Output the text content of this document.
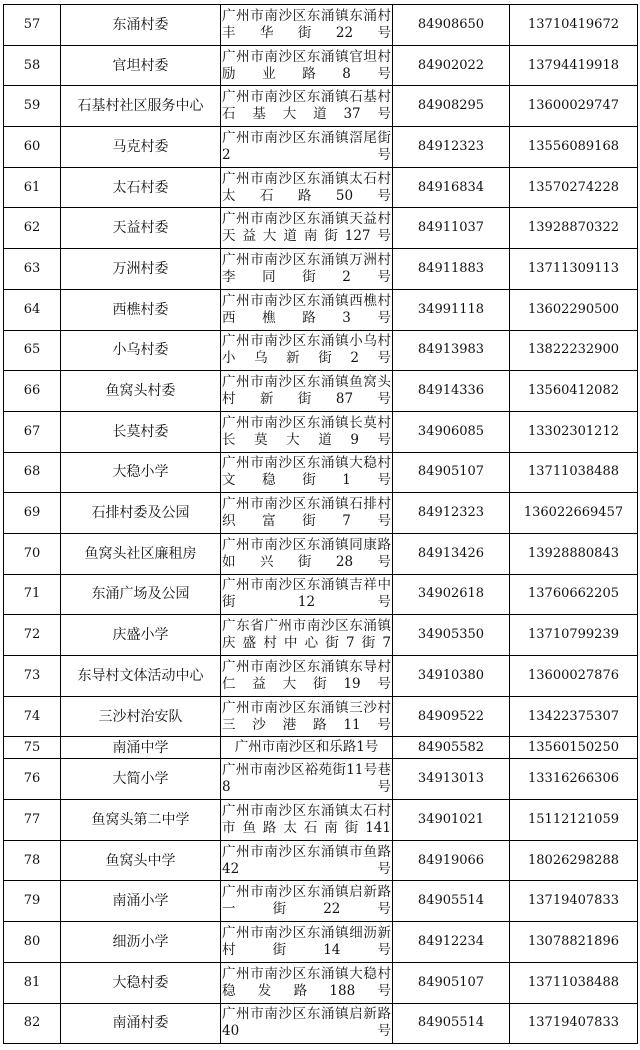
57	东涌村委	广州市南沙区东涌镇东涌村丰华街22号	84908650	13710419672
58	官坦村委	广州市南沙区东涌镇官坦村励业路8号	84902022	13794419918
59	石基村社区服务中心	广州市南沙区东涌镇石基村石基大道37号	84908295	13600029747
60	马克村委	广州市南沙区东涌镇滘尾街2号	84912323	13556089168
61	太石村委	广州市南沙区东涌镇太石村太石路50号	84916834	13570274228
62	天益村委	广州市南沙区东涌镇天益村天益大道南街127号	84911037	13928870322
63	万洲村委	广州市南沙区东涌镇万洲村李同街2号	84911883	13711309113
64	西樵村委	广州市南沙区东涌镇西樵村西樵路3号	34991118	13602290500
65	小乌村委	广州市南沙区东涌镇小乌村小乌新街2号	84913983	13822232900
66	鱼窝头村委	广州市南沙区东涌镇鱼窝头村新街87号	84914336	13560412082
67	长莫村委	广州市南沙区东涌镇长莫村长莫大道9号	34906085	13302301212
68	大稳小学	广州市南沙区东涌镇大稳村文稳街1号	84905107	13711038488
69	石排村委及公园	广州市南沙区东涌镇石排村织富街7号	84912323	136022669457
70	鱼窝头社区廉租房	广州市南沙区东涌镇同康路如兴街28号	84913426	13928880843
71	东涌广场及公园	广州市南沙区东涌镇吉祥中街12号	34902618	13760662205
72	庆盛小学	广东省广州市南沙区东涌镇庆盛村中心街7街7	34905350	13710799239
73	东导村文体活动中心	广州市南沙区东涌镇东导村仁益大街19号	34910380	13600027876
74	三沙村治安队	广州市南沙区东涌镇三沙村三沙港路11号	84909522	13422375307
75	南涌中学	广州市南沙区和乐路1号	84905582	13560150250
76	大简小学	广州市南沙区裕苑街11号巷8号	34913013	13316266306
77	鱼窝头第二中学	广州市南沙区东涌镇太石村市鱼路太石南街141	34901021	15112121059
78	鱼窝头中学	广州市南沙区东涌镇市鱼路42号	84919066	18026298288
79	南涌小学	广州市南沙区东涌镇启新路一街22号	84905514	13719407833
80	细沥小学	广州市南沙区东涌镇细沥新村街14号	84912234	13078821896
81	大稳村委	广州市南沙区东涌镇大稳村稳发路188号	84905107	13711038488
82	南涌村委	广州市南沙区东涌镇启新路40号	84905514	13719407833
